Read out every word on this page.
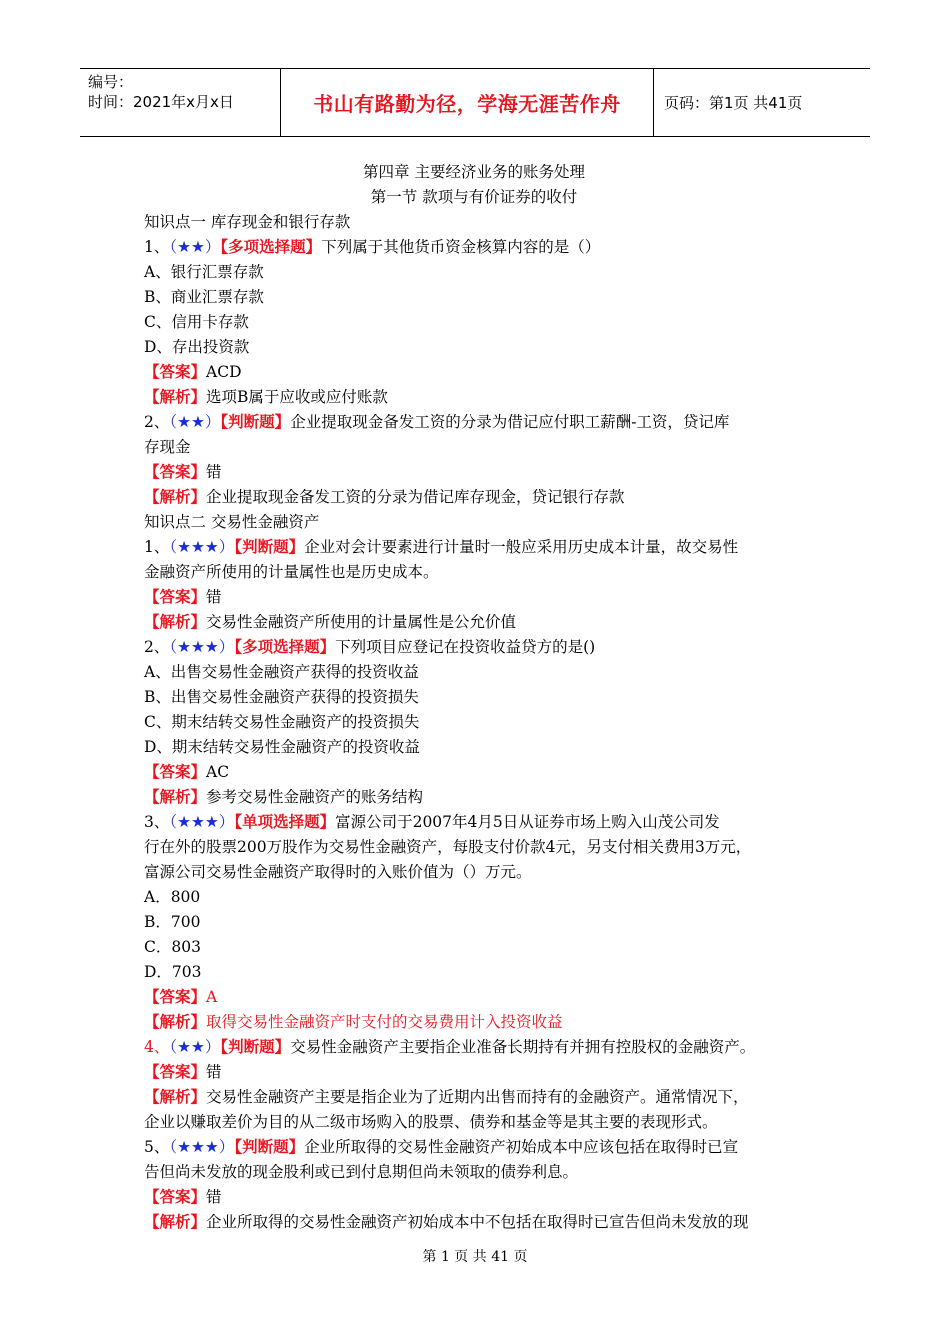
编号：
时间：2021年x月x日	书山有路勤为径，学海无涯苦作舟	页码：第1页 共41页
第四章 主要经济业务的账务处理
第一节 款项与有价证券的收付
知识点一 库存现金和银行存款
1、（★★）【多项选择题】下列属于其他货币资金核算内容的是（）
A、银行汇票存款
B、商业汇票存款
C、信用卡存款
D、存出投资款
【答案】ACD
【解析】选项B属于应收或应付账款
2、（★★）【判断题】企业提取现金备发工资的分录为借记应付职工薪酬-工资，贷记库
存现金
【答案】错
【解析】企业提取现金备发工资的分录为借记库存现金，贷记银行存款
知识点二 交易性金融资产
1、（★★★）【判断题】企业对会计要素进行计量时一般应采用历史成本计量，故交易性
金融资产所使用的计量属性也是历史成本。
【答案】错
【解析】交易性金融资产所使用的计量属性是公允价值
2、（★★★）【多项选择题】下列项目应登记在投资收益贷方的是()
A、出售交易性金融资产获得的投资收益
B、出售交易性金融资产获得的投资损失
C、期末结转交易性金融资产的投资损失
D、期末结转交易性金融资产的投资收益
【答案】AC
【解析】参考交易性金融资产的账务结构
3、（★★★）【单项选择题】富源公司于2007年4月5日从证券市场上购入山茂公司发
行在外的股票200万股作为交易性金融资产，每股支付价款4元，另支付相关费用3万元，
富源公司交易性金融资产取得时的入账价值为（）万元。
A．800
B．700
C．803
D．703
【答案】A
【解析】取得交易性金融资产时支付的交易费用计入投资收益
4、（★★）【判断题】交易性金融资产主要指企业准备长期持有并拥有控股权的金融资产。
【答案】错
【解析】交易性金融资产主要是指企业为了近期内出售而持有的金融资产。通常情况下，
企业以赚取差价为目的从二级市场购入的股票、债券和基金等是其主要的表现形式。
5、（★★★）【判断题】企业所取得的交易性金融资产初始成本中应该包括在取得时已宣
告但尚未发放的现金股利或已到付息期但尚未领取的债券利息。
【答案】错
【解析】企业所取得的交易性金融资产初始成本中不包括在取得时已宣告但尚未发放的现
第 1 页 共 41 页
